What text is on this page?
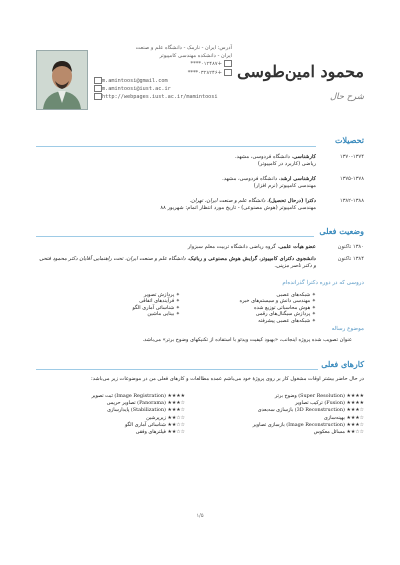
آدرس: ایران - نارمک - دانشگاه علم و صنعت
ایران - دانشکده مهندسی کامپیوتر
+۰۱۲۴۸۷****
+۰۳۲۸۲۴۶****
m.amintoosi@gmail.com
m.amintoosi@iust.ac.ir
http://webpages.iust.ac.ir/mamintoosi
محمود امین‌طوسی
شرح حال
تحصیلات
۱۳۷۰-۱۳۷۴
کارشناسی، دانشگاه فردوسی، مشهد.
ریاضی (کاربرد در کامپیوتر)
۱۳۷۵-۱۳۷۸
کارشناسی ارشد، دانشگاه فردوسی، مشهد.
مهندسی کامپیوتر (نرم افزار)
۱۳۸۲-۱۳۸۸
دکترا (درحال تحصیل)، دانشگاه علم و صنعت ایران، تهران.
مهندسی کامپیوتر (هوش مصنوعی) - تاریخ مورد انتظار اتمام: شهریور ۸۸
وضعیت فعلی
۱۳۸۰ تاکنون
عضو هیأت علمی، گروه ریاضی دانشگاه تربیت معلم سبزوار
۱۳۸۴ تاکنون
دانشجوی دکترای کامپیوتر، گرایش هوش مصنوعی و رباتیک، دانشگاه علم و صنعت ایران، تحت راهنمایی آقایان دکتر محمود فتحی و دکتر ناصر مزینی.
دروسی که در دوره دکترا گذرانده‌ام
⁕ شبکه‌های عصبی
⁕ مهندسی دانش و سیستم‌های خبره
⁕ هوش محاسباتی توزیع شده
⁕ پردازش سیگنال‌های رقمی
⁕ شبکه‌های عصبی پیشرفته
⁕ پردازش تصویر
⁕ فرآیندهای اتفاقی
⁕ شناسائی آماری الگو
⁕ بینایی ماشین
موضوع رساله
عنوان تصویب شده پروژه اینجانب، «بهبود کیفیت ویدئو با استفاده از تکنیکهای وضوح برتر» می‌باشد.
کارهای فعلی
در حال حاضر بیشتر اوقات مشغول کار بر روی پروژۀ خود می‌باشم عمده مطالعات و کارهای فعلی من در موضوعات زیر می‌باشد:
وضوح برتر (Super Resolution) ★★★★
ترکیب تصاویر (Fusion) ★★★★
بازسازی سه‌بعدی (3D Reconstruction) ★★★☆
بهینه‌سازی ★★★☆
بازسازی تصاویر (Image Reconstruction) ★★★☆
مسائل معکوس ★★☆☆
ثبت تصویر (Image Registration) ★★★★
تصاویر حریمی (Panorama) ★★★☆
پایدارسازی (Stabilization) ★★★☆
زیرپرشین ★★☆☆
شناسائی آماری الگو ★★☆☆
فیلترهای وفقی ★★☆☆
۱/۵
